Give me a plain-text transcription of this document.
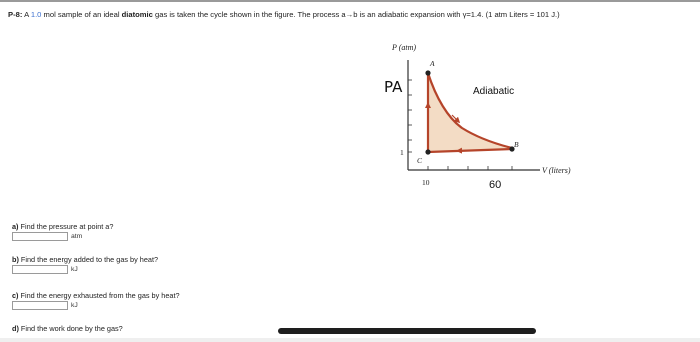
P-8: A 1.0 mol sample of an ideal diatomic gas is taken the cycle shown in the figure. The process a→b is an adiabatic expansion with γ=1.4. (1 atm Liters = 101 J.)
P (atm)
V (liters)
A
B
C
1
10
PA
60
Adiabatic
a) Find the pressure at point a?
atm
b) Find the energy added to the gas by heat?
kJ
c) Find the energy exhausted from the gas by heat?
kJ
d) Find the work done by the gas?
